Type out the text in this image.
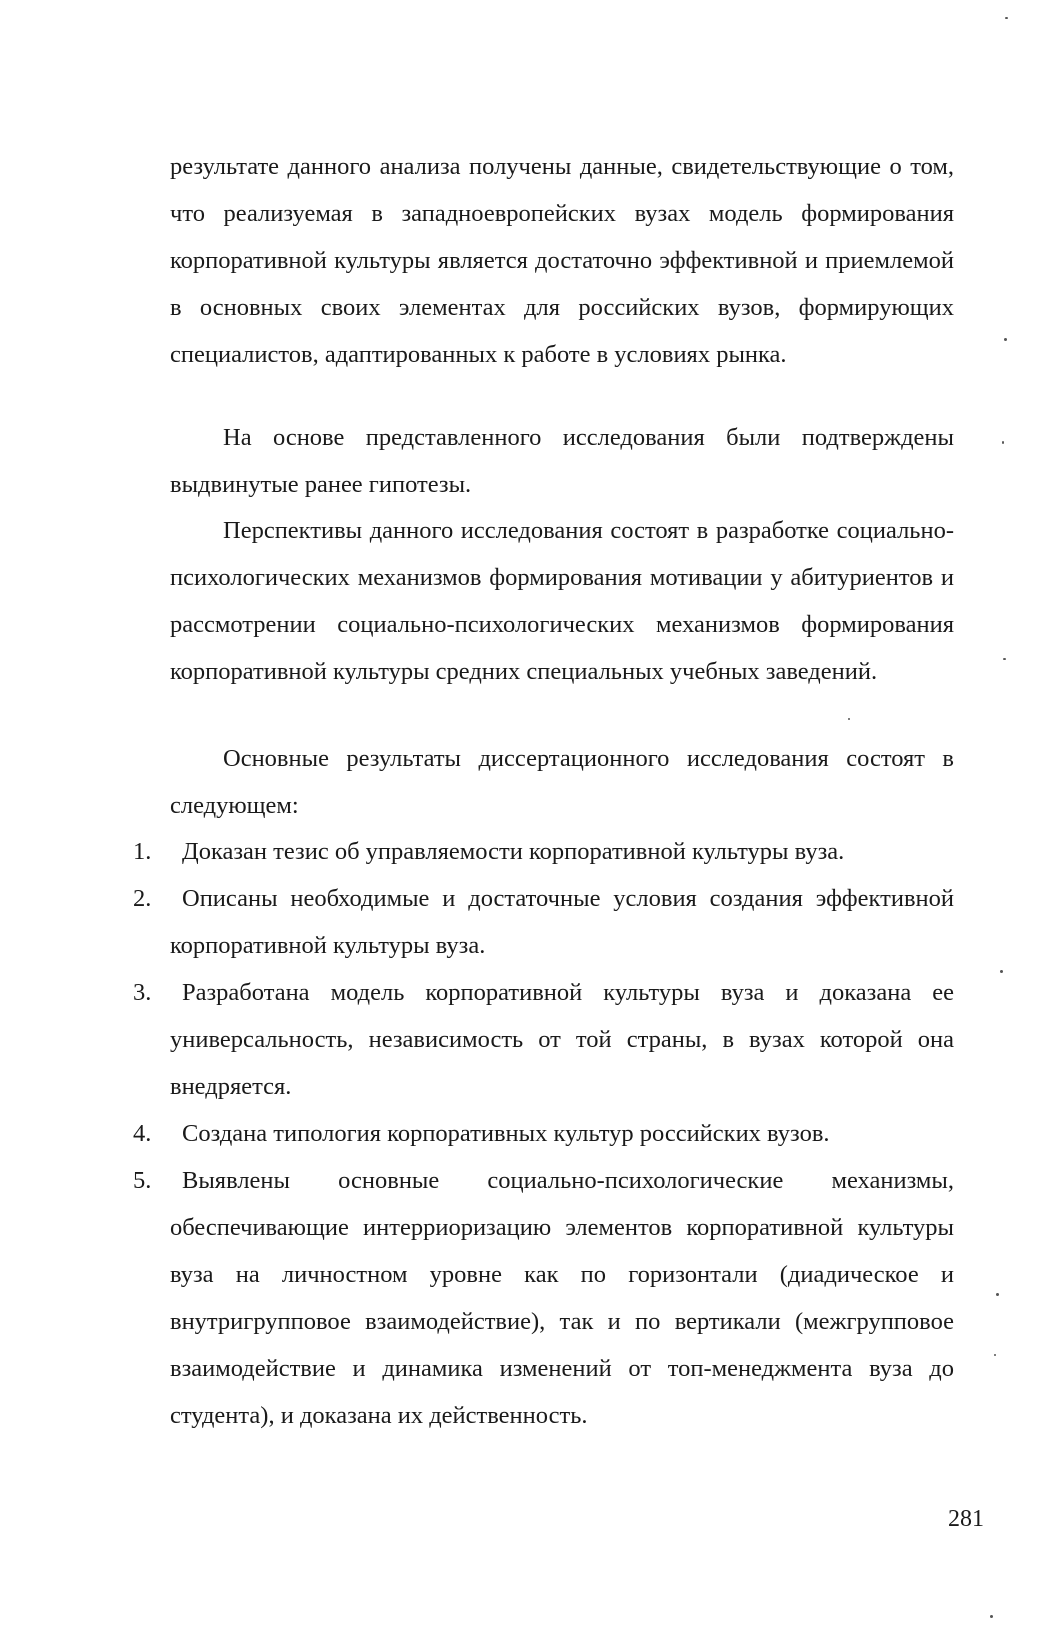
результате данного анализа получены данные, свидетельствующие о том, что реализуемая в западноевропейских вузах модель формирования корпоративной культуры является достаточно эффективной и приемлемой в основных своих элементах для российских вузов, формирующих специалистов, адаптированных к работе в условиях рынка.

На основе представленного исследования были подтверждены выдвинутые ранее гипотезы.

Перспективы данного исследования состоят в разработке социально-психологических механизмов формирования мотивации у абитуриентов и рассмотрении социально-психологических механизмов формирования корпоративной культуры средних специальных учебных заведений.

Основные результаты диссертационного исследования состоят в следующем:

1. Доказан тезис об управляемости корпоративной культуры вуза.
2. Описаны необходимые и достаточные условия создания эффективной корпоративной культуры вуза.
3. Разработана модель корпоративной культуры вуза и доказана ее универсальность, независимость от той страны, в вузах которой она внедряется.
4. Создана типология корпоративных культур российских вузов.
5. Выявлены основные социально-психологические механизмы, обеспечивающие интерриоризацию элементов корпоративной культуры вуза на личностном уровне как по горизонтали (диадическое и внутригрупповое взаимодействие), так и по вертикали (межгрупповое взаимодействие и динамика изменений от топ-менеджмента вуза до студента), и доказана их действенность.
281
